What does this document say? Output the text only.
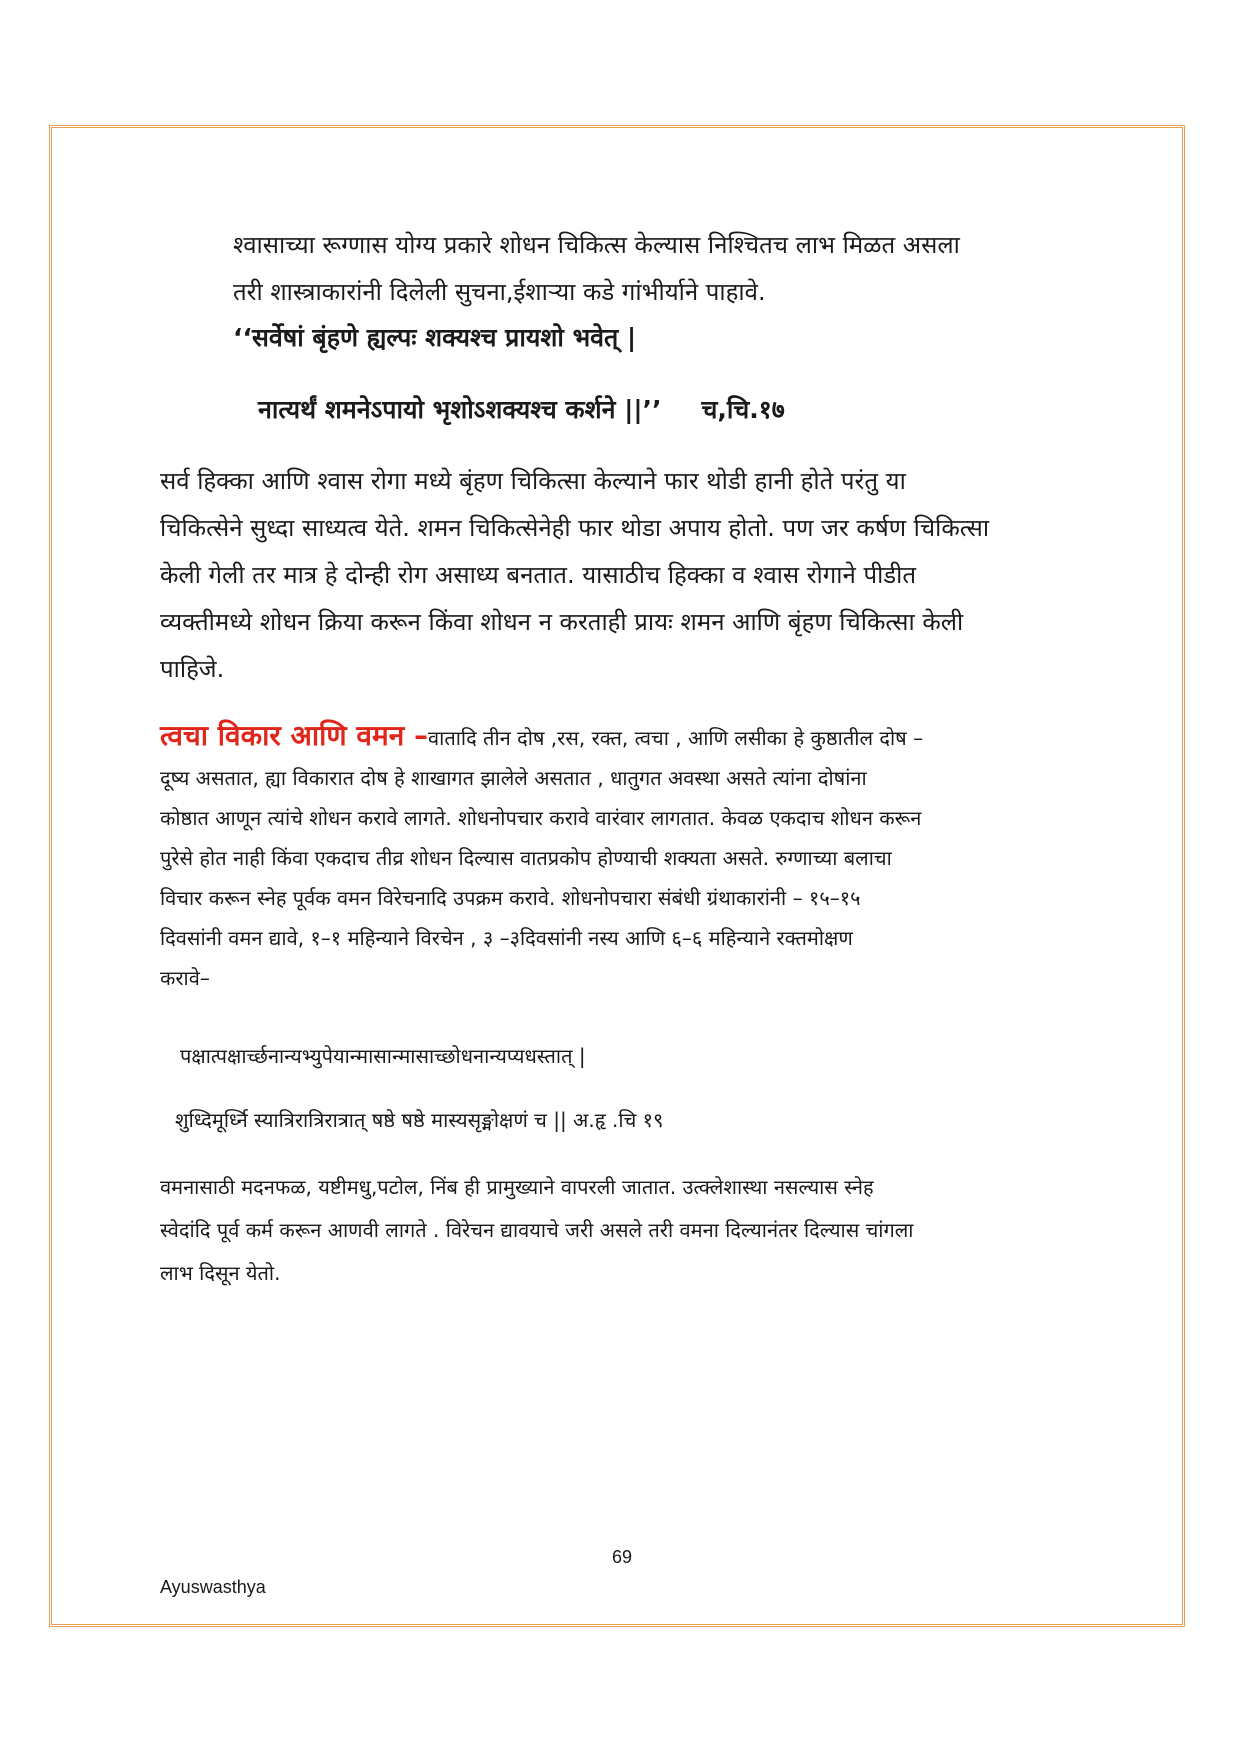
श्वासाच्या रूग्णास योग्य प्रकारे शोधन चिकित्स केल्यास निश्चितच लाभ मिळत असला
तरी शास्त्राकारांनी दिलेली सुचना,ईशाऱ्या कडे गांभीर्याने पाहावे.
‘‘सर्वेषां बृंहणे ह्यल्पः शक्यश्च प्रायशो भवेत् |
नात्यर्थं शमनेऽपायो भृशोऽशक्यश्च कर्शने ||’’ च,चि.१७
सर्व हिक्का आणि श्वास रोगा मध्ये बृंहण चिकित्सा केल्याने फार थोडी हानी होते परंतु या
चिकित्सेने सुध्दा साध्यत्व येते. शमन चिकित्सेनेही फार थोडा अपाय होतो. पण जर कर्षण चिकित्सा
केली गेली तर मात्र हे दोन्ही रोग असाध्य बनतात. यासाठीच हिक्का व श्वास रोगाने पीडीत
व्यक्तीमध्ये शोधन क्रिया करून किंवा शोधन न करताही प्रायः शमन आणि बृंहण चिकित्सा केली
पाहिजे.
त्वचा विकार आणि वमन –वातादि तीन दोष ,रस, रक्त, त्वचा , आणि लसीका हे कुष्ठातील दोष –
दूष्य असतात, ह्या विकारात दोष हे शाखागत झालेले असतात , धातुगत अवस्था असते त्यांना दोषांना
कोष्ठात आणून त्यांचे शोधन करावे लागते. शोधनोपचार करावे वारंवार लागतात. केवळ एकदाच शोधन करून
पुरेसे होत नाही किंवा एकदाच तीव्र शोधन दिल्यास वातप्रकोप होण्याची शक्यता असते. रुग्णाच्या बलाचा
विचार करून स्नेह पूर्वक वमन विरेचनादि उपक्रम करावे. शोधनोपचारा संबंधी ग्रंथाकारांनी – १५–१५
दिवसांनी वमन द्यावे, १–१ महिन्याने विरचेन , ३ –३दिवसांनी नस्य आणि ६–६ महिन्याने रक्तमोक्षण
करावे–
पक्षात्पक्षार्च्छनान्यभ्युपेयान्मासान्मासाच्छोधनान्यप्यधस्तात् |
शुध्दिमूर्ध्नि स्यात्रिरात्रिरात्रात् षष्ठे षष्ठे मास्यसृङ्मोक्षणं च || अ.हृ .चि १९
वमनासाठी मदनफळ, यष्टीमधु,पटोल, निंब ही प्रामुख्याने वापरली जातात. उत्क्लेशास्था नसल्यास स्नेह
स्वेदांदि पूर्व कर्म करून आणवी लागते . विरेचन द्यावयाचे जरी असले तरी वमना दिल्यानंतर दिल्यास चांगला
लाभ दिसून येतो.
69
Ayuswasthya
